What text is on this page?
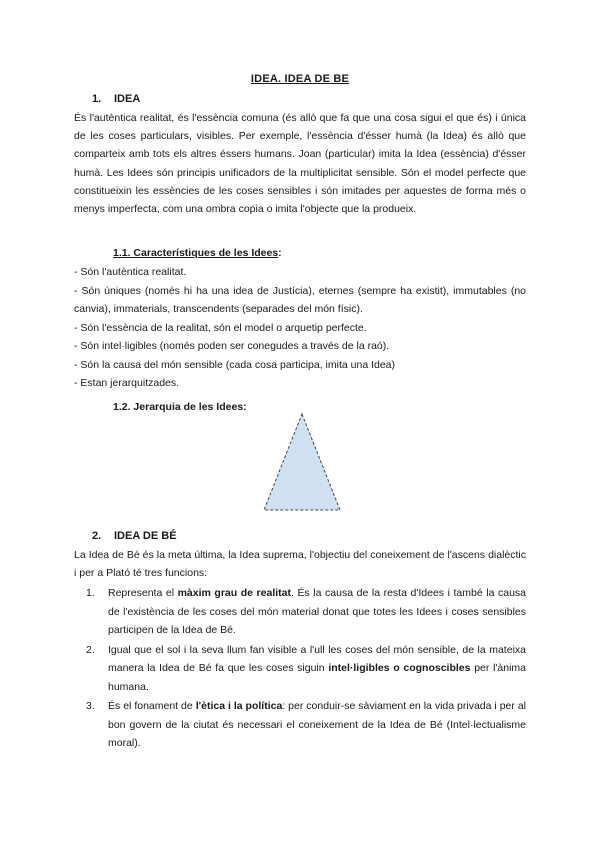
IDEA. IDEA DE BE
1. IDEA

És l'autèntica realitat, és l'essència comuna (és allò que fa que una cosa sigui el que és) i única de les coses particulars, visibles. Per exemple, l'essència d'ésser humà (la Idea) és allò que comparteix amb tots els altres éssers humans. Joan (particular) imita la Idea (essència) d'ésser humà. Les Idees són principis unificadors de la multiplicitat sensible. Són el model perfecte que constitueixin les essències de les coses sensibles i són imitades per aquestes de forma més o menys imperfecta, com una ombra copia o imita l'objecte que la produeix.

1.1. Característiques de les Idees:

- Són l'autèntica realitat.

- Són úniques (només hi ha una idea de Justícia), eternes (sempre ha existit), immutables (no canvia), immaterials, transcendents (separades del món físic).

- Són l'essència de la realitat, són el model o arquetip perfecte.

- Són intel·ligibles (només poden ser conegudes a través de la raó).

- Són la causa del món sensible (cada cosa participa, imita una Idea)

- Estan jerarquitzades.

1.2. Jerarquia de les Idees:
2. IDEA DE BÉ

La Idea de Bé és la meta última, la Idea suprema, l'objectiu del coneixement de l'ascens dialèctic i per a Plató té tres funcions:

1. Representa el màxim grau de realitat. És la causa de la resta d'Idees i també la causa de l'existència de les coses del món material donat que totes les Idees i coses sensibles participen de la Idea de Bé.
2. Igual que el sol i la seva llum fan visible a l'ull les coses del món sensible, de la mateixa manera la Idea de Bé fa que les coses siguin intel·ligibles o cognoscibles per l'ànima humana.
3. És el fonament de l'ètica i la política: per conduir-se sàviament en la vida privada i per al bon govern de la ciutat és necessari el coneixement de la Idea de Bé (Intel·lectualisme moral).
